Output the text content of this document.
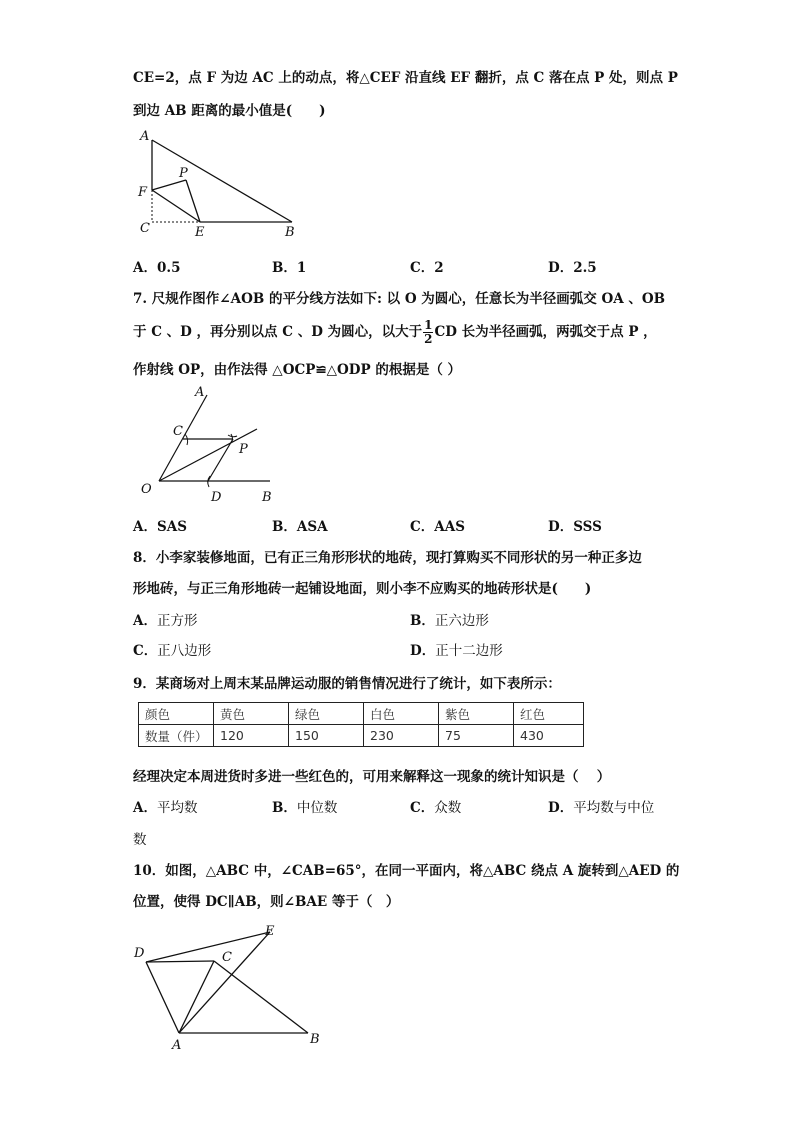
CE=2，点 F 为边 AC 上的动点，将△CEF 沿直线 EF 翻折，点 C 落在点 P 处，则点 P
到边 AB 距离的最小值是(　　)
A
F
P
C	E	B
A．0.5	B．1	C．2	D．2.5
7. 尺规作图作∠AOB 的平分线方法如下: 以 O 为圆心，任意长为半径画弧交 OA 、OB
于 C 、D ，再分别以点 C 、D 为圆心，以大于 $\frac{1}{2}$ CD 长为半径画弧，两弧交于点 P ，
作射线 OP，由作法得 △OCP≌△ODP 的根据是（ ）
A
C
P
O
D	B
A．SAS	B．ASA	C．AAS	D．SSS
8．小李家装修地面，已有正三角形形状的地砖，现打算购买不同形状的另一种正多边
形地砖，与正三角形地砖一起铺设地面，则小李不应购买的地砖形状是(　　)
A．正方形	B．正六边形
C．正八边形	D．正十二边形
9．某商场对上周末某品牌运动服的销售情况进行了统计，如下表所示：
颜色	黄色	绿色	白色	紫色	红色
数量（件）	120	150	230	75	430
经理决定本周进货时多进一些红色的，可用来解释这一现象的统计知识是（　 ）
A．平均数	B．中位数	C．众数	D．平均数与中位
数
10．如图，△ABC 中，∠CAB=65°，在同一平面内，将△ABC 绕点 A 旋转到△AED 的
位置，使得 DC∥AB，则∠BAE 等于（　）
D	C
E
A	B
